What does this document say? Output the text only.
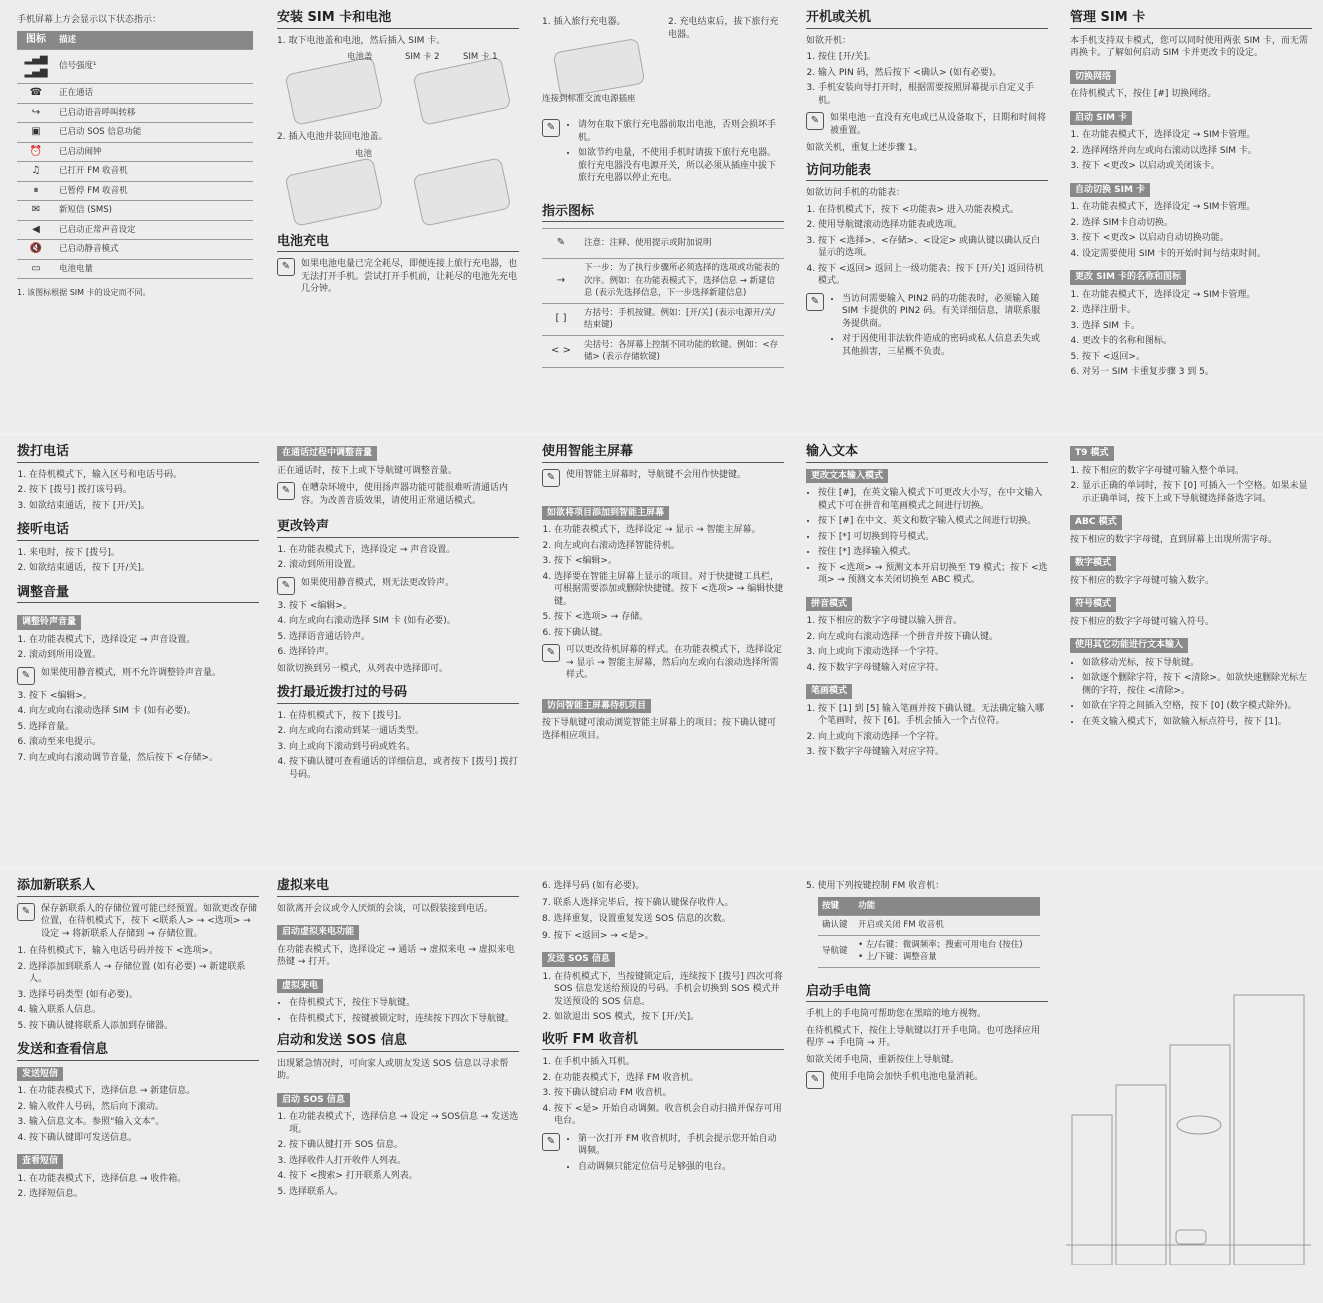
手机屏幕上方会显示以下状态指示：

图标	描述
▂▄▆
▂▄▆	信号强度¹
☎	正在通话
↪	已启动语音呼叫转移
▣	已启动 SOS 信息功能
⏰	已启动闹钟
♫	已打开 FM 收音机
⏸	已暂停 FM 收音机
✉	新短信 (SMS)
◀	已启动正常声音设定
🔇	已启动静音模式
▭	电池电量

1. 该图标根据 SIM 卡的设定而不同。

安装 SIM 卡和电池

1. 取下电池盖和电池，然后插入 SIM 卡。

电池盖	SIM 卡 2	SIM 卡 1

2. 插入电池并装回电池盖。

电池
电池充电
✎	如果电池电量已完全耗尽，即便连接上旅行充电器，也无法打开手机。尝试打开手机前，让耗尽的电池先充电几分钟。

1. 插入旅行充电器。	2. 充电结束后，拔下旅行充电器。

连接到标准交流电源插座
✎	• 请勿在取下旅行充电器前取出电池，否则会损坏手机。
• 如欲节约电量，不使用手机时请拔下旅行充电器。旅行充电器没有电源开关，所以必须从插座中拔下旅行充电器以停止充电。
指示图标
✎	注意：注释、使用提示或附加说明
→	下一步：为了执行步骤所必须选择的选项或功能表的次序。例如：在功能表模式下，选择信息 → 新建信息 (表示先选择信息，下一步选择新建信息)
[ ]	方括号：手机按键。例如：[开/关] (表示电源开/关/结束键)
< >	尖括号：各屏幕上控制不同功能的软键。例如：<存储> (表示存储软键)
开机或关机

如欲开机：

1. 按住 [开/关]。
2. 输入 PIN 码，然后按下 <确认> (如有必要)。
3. 手机安装向导打开时，根据需要按照屏幕提示自定义手机。
✎	如果电池一直没有充电或已从设备取下，日期和时间将被重置。

如欲关机，重复上述步骤 1。

访问功能表

如欲访问手机的功能表：

1. 在待机模式下，按下 <功能表> 进入功能表模式。
2. 使用导航键滚动选择功能表或选项。
3. 按下 <选择>、<存储>、<设定> 或确认键以确认反白显示的选项。
4. 按下 <返回> 返回上一级功能表；按下 [开/关] 返回待机模式。
✎	• 当访问需要输入 PIN2 码的功能表时，必须输入随 SIM 卡提供的 PIN2 码。有关详细信息，请联系服务提供商。
• 对于因使用非法软件造成的密码或私人信息丢失或其他损害，三星概不负责。
管理 SIM 卡

本手机支持双卡模式，您可以同时使用两张 SIM 卡，而无需再换卡。了解如何启动 SIM 卡并更改卡的设定。

切换网络

在待机模式下，按住 [#] 切换网络。

启动 SIM 卡
1. 在功能表模式下，选择设定 → SIM卡管理。
2. 选择网络并向左或向右滚动以选择 SIM 卡。
3. 按下 <更改> 以启动或关闭该卡。
自动切换 SIM 卡
1. 在功能表模式下，选择设定 → SIM卡管理。
2. 选择 SIM卡自动切换。
3. 按下 <更改> 以启动自动切换功能。
4. 设定需要使用 SIM 卡的开始时间与结束时间。
更改 SIM 卡的名称和图标
1. 在功能表模式下，选择设定 → SIM卡管理。
2. 选择注册卡。
3. 选择 SIM 卡。
4. 更改卡的名称和图标。
5. 按下 <返回>。
6. 对另一 SIM 卡重复步骤 3 到 5。
拨打电话
1. 在待机模式下，输入区号和电话号码。
2. 按下 [拨号] 拨打该号码。
3. 如欲结束通话，按下 [开/关]。
接听电话
1. 来电时，按下 [拨号]。
2. 如欲结束通话，按下 [开/关]。
调整音量
调整铃声音量
1. 在功能表模式下，选择设定 → 声音设置。
2. 滚动到所用设置。
✎	如果使用静音模式，则不允许调整铃声音量。
3. 按下 <编辑>。
4. 向左或向右滚动选择 SIM 卡 (如有必要)。
5. 选择音量。
6. 滚动至来电提示。
7. 向左或向右滚动调节音量，然后按下 <存储>。
在通话过程中调整音量

正在通话时，按下上或下导航键可调整音量。

✎	在嘈杂环境中，使用扬声器功能可能很难听清通话内容。为改善音质效果，请使用正常通话模式。
更改铃声
1. 在功能表模式下，选择设定 → 声音设置。
2. 滚动到所用设置。
✎	如果使用静音模式，则无法更改铃声。
3. 按下 <编辑>。
4. 向左或向右滚动选择 SIM 卡 (如有必要)。
5. 选择语音通话铃声。
6. 选择铃声。

如欲切换到另一模式，从列表中选择即可。

拨打最近拨打过的号码
1. 在待机模式下，按下 [拨号]。
2. 向左或向右滚动到某一通话类型。
3. 向上或向下滚动到号码或姓名。
4. 按下确认键可查看通话的详细信息，或者按下 [拨号] 拨打号码。
使用智能主屏幕
✎	使用智能主屏幕时，导航键不会用作快捷键。
如欲将项目添加到智能主屏幕
1. 在功能表模式下，选择设定 → 显示 → 智能主屏幕。
2. 向左或向右滚动选择智能待机。
3. 按下 <编辑>。
4. 选择要在智能主屏幕上显示的项目。对于快捷键工具栏，可根据需要添加或删除快捷键。按下 <选项> → 编辑快捷键。
5. 按下 <选项> → 存储。
6. 按下确认键。
✎	可以更改待机屏幕的样式。在功能表模式下，选择设定 → 显示 → 智能主屏幕，然后向左或向右滚动选择所需样式。
访问智能主屏幕待机项目

按下导航键可滚动浏览智能主屏幕上的项目；按下确认键可选择相应项目。

输入文本
更改文本输入模式
• 按住 [#]，在英文输入模式下可更改大小写，在中文输入模式下可在拼音和笔画模式之间进行切换。
• 按下 [#] 在中文、英文和数字输入模式之间进行切换。
• 按下 [*] 可切换到符号模式。
• 按住 [*] 选择输入模式。
• 按下 <选项> → 预测文本开启切换至 T9 模式；按下 <选项> → 预测文本关闭切换至 ABC 模式。
拼音模式
1. 按下相应的数字字母键以输入拼音。
2. 向左或向右滚动选择一个拼音并按下确认键。
3. 向上或向下滚动选择一个字符。
4. 按下数字字母键输入对应字符。
笔画模式
1. 按下 [1] 到 [5] 输入笔画并按下确认键。无法确定输入哪个笔画时，按下 [6]。手机会插入一个占位符。
2. 向上或向下滚动选择一个字符。
3. 按下数字字母键输入对应字符。
T9 模式
1. 按下相应的数字字母键可输入整个单词。
2. 显示正确的单词时，按下 [0] 可插入一个空格。如果未显示正确单词，按下上或下导航键选择备选字词。
ABC 模式

按下相应的数字字母键，直到屏幕上出现所需字母。

数字模式

按下相应的数字字母键可输入数字。

符号模式

按下相应的数字字母键可输入符号。

使用其它功能进行文本输入
• 如欲移动光标，按下导航键。
• 如欲逐个删除字符，按下 <清除>。如欲快速删除光标左侧的字符，按住 <清除>。
• 如欲在字符之间插入空格，按下 [0] (数字模式除外)。
• 在英文输入模式下，如欲输入标点符号，按下 [1]。
添加新联系人
✎	保存新联系人的存储位置可能已经预置。如欲更改存储位置，在待机模式下，按下 <联系人> → <选项> → 设定 → 将新联系人存储到 → 存储位置。
1. 在待机模式下，输入电话号码并按下 <选项>。
2. 选择添加到联系人 → 存储位置 (如有必要) → 新建联系人。
3. 选择号码类型 (如有必要)。
4. 输入联系人信息。
5. 按下确认键将联系人添加到存储器。
发送和查看信息
发送短信
1. 在功能表模式下，选择信息 → 新建信息。
2. 输入收件人号码，然后向下滚动。
3. 输入信息文本。参照“输入文本”。
4. 按下确认键即可发送信息。
查看短信
1. 在功能表模式下，选择信息 → 收件箱。
2. 选择短信息。
虚拟来电

如欲离开会议或令人厌烦的会谈，可以假装接到电话。

启动虚拟来电功能

在功能表模式下，选择设定 → 通话 → 虚拟来电 → 虚拟来电热键 → 打开。

虚拟来电
• 在待机模式下，按住下导航键。
• 在待机模式下，按键被锁定时，连续按下四次下导航键。
启动和发送 SOS 信息

出现紧急情况时，可向家人或朋友发送 SOS 信息以寻求帮助。

启动 SOS 信息
1. 在功能表模式下，选择信息 → 设定 → SOS信息 → 发送选项。
2. 按下确认键打开 SOS 信息。
3. 选择收件人打开收件人列表。
4. 按下 <搜索> 打开联系人列表。
5. 选择联系人。

6. 选择号码 (如有必要)。

7. 联系人选择完毕后，按下确认键保存收件人。

8. 选择重复，设置重复发送 SOS 信息的次数。

9. 按下 <返回> → <是>。

发送 SOS 信息
1. 在待机模式下，当按键锁定后，连续按下 [拨号] 四次可将 SOS 信息发送给预设的号码。手机会切换到 SOS 模式并发送预设的 SOS 信息。
2. 如欲退出 SOS 模式，按下 [开/关]。
收听 FM 收音机
1. 在手机中插入耳机。
2. 在功能表模式下，选择 FM 收音机。
3. 按下确认键启动 FM 收音机。
4. 按下 <是> 开始自动调频。收音机会自动扫描并保存可用电台。
✎	• 第一次打开 FM 收音机时，手机会提示您开始自动调频。
• 自动调频只能定位信号足够强的电台。

5. 使用下列按键控制 FM 收音机：

按键	功能
确认键	开启或关闭 FM 收音机
导航键	• 左/右键：微调频率；搜索可用电台 (按住)
• 上/下键：调整音量
启动手电筒

手机上的手电筒可帮助您在黑暗的地方视物。

在待机模式下，按住上导航键以打开手电筒。也可选择应用程序 → 手电筒 → 开。

如欲关闭手电筒，重新按住上导航键。

✎	使用手电筒会加快手机电池电量消耗。
